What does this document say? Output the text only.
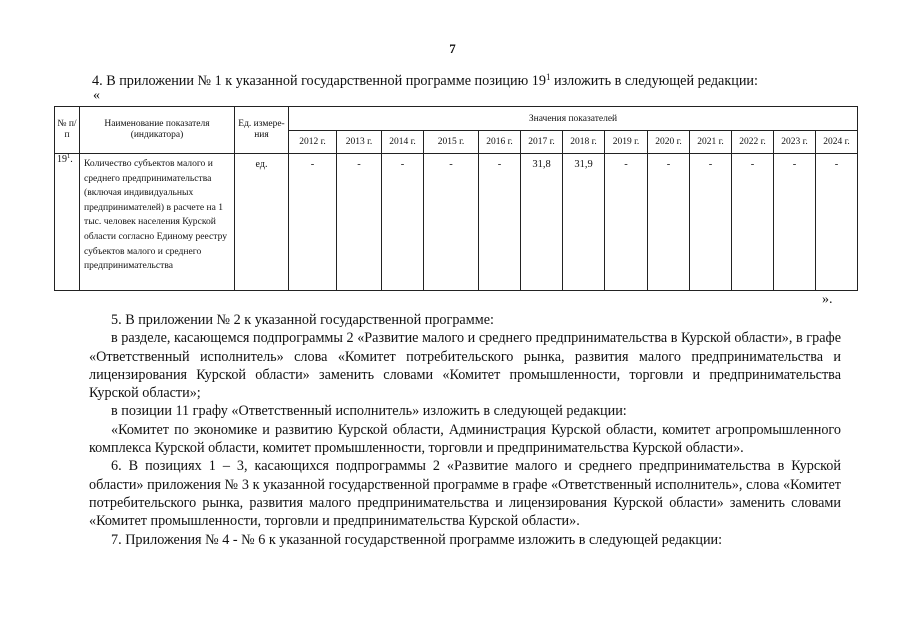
7
4. В приложении № 1 к указанной государственной программе позицию $19^1$ изложить в следующей редакции:
«
№ п/п	Наименование показателя (индикатора)	Ед. измере-ния	Значения показателей												
			2012 г.	2013 г.	2014 г.	2015 г.	2016 г.	2017 г.	2018 г.	2019 г.	2020 г.	2021 г.	2022 г.	2023 г.	2024 г.
$19^1$.	Количество субъектов малого и среднего предпринимательства (включая индивидуальных предпринимателей) в расчете на 1 тыс. человек населения Курской области согласно Единому реестру субъектов малого и среднего предпринимательства	ед.	-	-	-	-	-	31,8	31,9	-	-	-	-	-	-
».

5. В приложении № 2 к указанной государственной программе:

в разделе, касающемся подпрограммы 2 «Развитие малого и среднего предпринимательства в Курской области», в графе «Ответственный исполнитель» слова «Комитет потребительского рынка, развития малого предпринимательства и лицензирования Курской области» заменить словами «Комитет промышленности, торговли и предпринимательства Курской области»;

в позиции 11 графу «Ответственный исполнитель» изложить в следующей редакции:

«Комитет по экономике и развитию Курской области, Администрация Курской области, комитет агропромышленного комплекса Курской области, комитет промышленности, торговли и предпринимательства Курской области».

6. В позициях 1 – 3, касающихся подпрограммы 2 «Развитие малого и среднего предпринимательства в Курской области» приложения № 3 к указанной государственной программе в графе «Ответственный исполнитель», слова «Комитет потребительского рынка, развития малого предпринимательства и лицензирования Курской области» заменить словами «Комитет промышленности, торговли и предпринимательства Курской области».

7. Приложения № 4 - № 6 к указанной государственной программе изложить в следующей редакции:
